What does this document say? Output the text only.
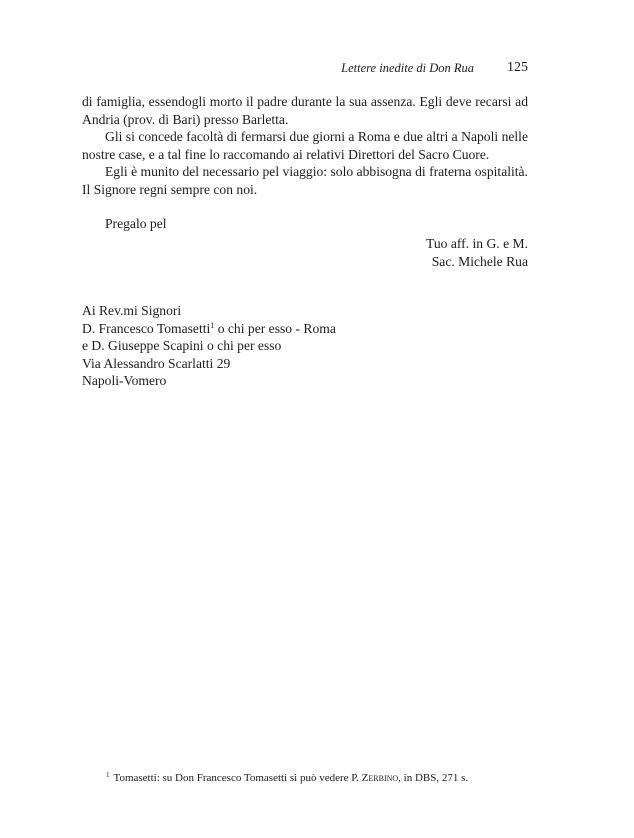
Lettere inedite di Don Rua 125

di famiglia, essendogli morto il padre durante la sua assenza. Egli deve recarsi ad Andria (prov. di Bari) presso Barletta.

Gli si concede facoltà di fermarsi due giorni a Roma e due altri a Napoli nelle nostre case, e a tal fine lo raccomando ai relativi Direttori del Sacro Cuore.

Egli è munito del necessario pel viaggio: solo abbisogna di fraterna ospitalità. Il Signore regni sempre con noi.

Pregalo pel

Tuo aff. in G. e M.
Sac. Michele Rua
Ai Rev.mi Signori
D. Francesco Tomasetti$^1$ o chi per esso - Roma
e D. Giuseppe Scapini o chi per esso
Via Alessandro Scarlatti 29
Napoli-Vomero
$^1$ Tomasetti: su Don Francesco Tomasetti si può vedere P. Zerbino, in DBS, 271 s.
